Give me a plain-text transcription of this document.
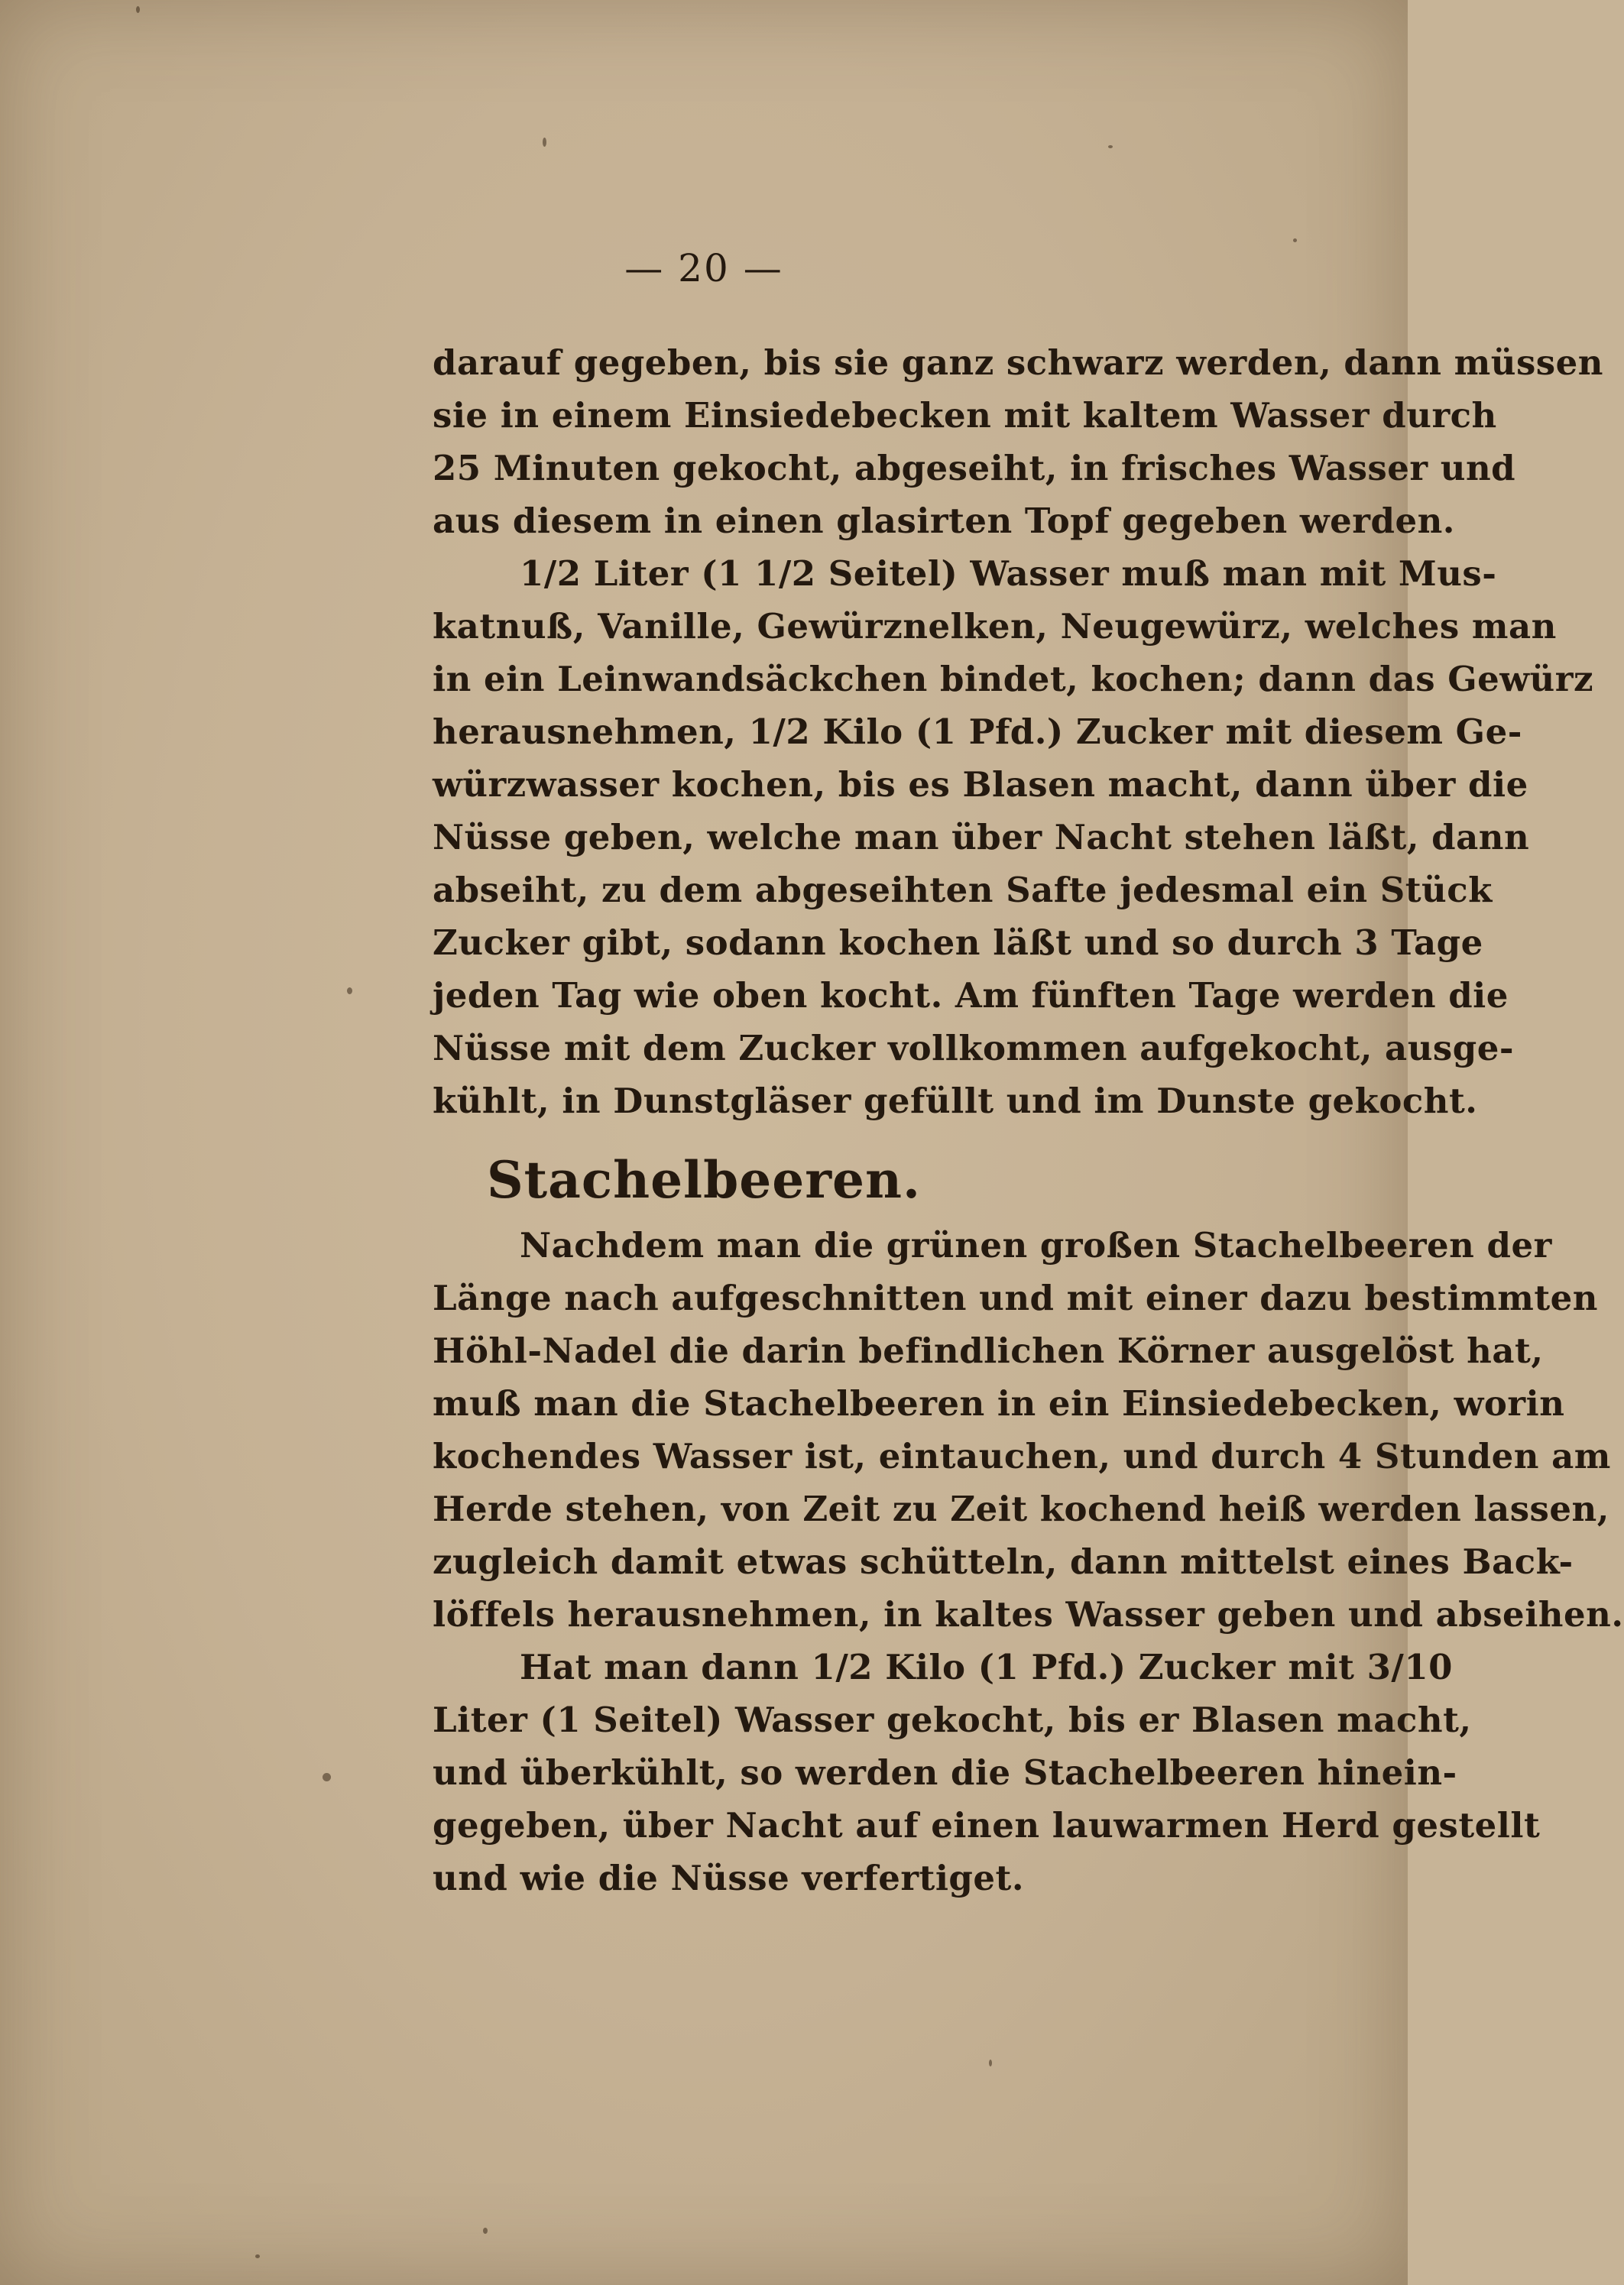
— 20 —
darauf gegeben, bis sie ganz schwarz werden, dann müssen
sie in einem Einsiedebecken mit kaltem Wasser durch
25 Minuten gekocht, abgeseiht, in frisches Wasser und
aus diesem in einen glasirten Topf gegeben werden.
1/2 Liter (1 1/2 Seitel) Wasser muß man mit Mus-
katnuß, Vanille, Gewürznelken, Neugewürz, welches man
in ein Leinwandsäckchen bindet, kochen; dann das Gewürz
herausnehmen, 1/2 Kilo (1 Pfd.) Zucker mit diesem Ge-
würzwasser kochen, bis es Blasen macht, dann über die
Nüsse geben, welche man über Nacht stehen läßt, dann
abseiht, zu dem abgeseihten Safte jedesmal ein Stück
Zucker gibt, sodann kochen läßt und so durch 3 Tage
jeden Tag wie oben kocht. Am fünften Tage werden die
Nüsse mit dem Zucker vollkommen aufgekocht, ausge-
kühlt, in Dunstgläser gefüllt und im Dunste gekocht.
Stachelbeeren.
Nachdem man die grünen großen Stachelbeeren der
Länge nach aufgeschnitten und mit einer dazu bestimmten
Höhl-Nadel die darin befindlichen Körner ausgelöst hat,
muß man die Stachelbeeren in ein Einsiedebecken, worin
kochendes Wasser ist, eintauchen, und durch 4 Stunden am
Herde stehen, von Zeit zu Zeit kochend heiß werden lassen,
zugleich damit etwas schütteln, dann mittelst eines Back-
löffels herausnehmen, in kaltes Wasser geben und abseihen.
Hat man dann 1/2 Kilo (1 Pfd.) Zucker mit 3/10
Liter (1 Seitel) Wasser gekocht, bis er Blasen macht,
und überkühlt, so werden die Stachelbeeren hinein-
gegeben, über Nacht auf einen lauwarmen Herd gestellt
und wie die Nüsse verfertiget.
